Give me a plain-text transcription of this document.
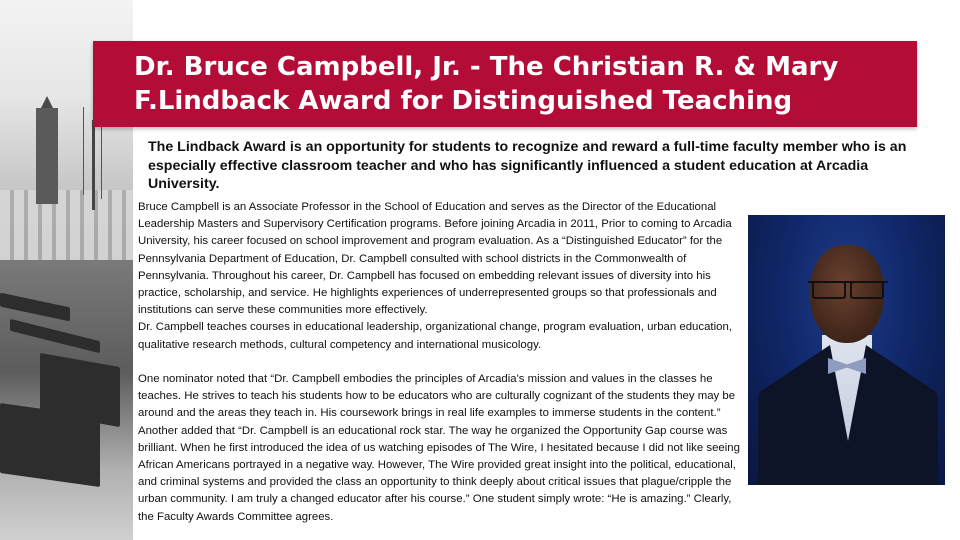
Dr. Bruce Campbell, Jr. - The Christian R. & Mary
F.Lindback Award for Distinguished Teaching

The Lindback Award is an opportunity for students to recognize and reward a full-time faculty member who is an especially effective classroom teacher and who has significantly influenced a student education at Arcadia University.

Bruce Campbell is an Associate Professor in the School of Education and serves as the Director of the Educational Leadership Masters and Supervisory Certification programs. Before joining Arcadia in 2011, Prior to coming to Arcadia University, his career focused on school improvement and program evaluation. As a “Distinguished Educator” for the Pennsylvania Department of Education, Dr. Campbell consulted with school districts in the Commonwealth of Pennsylvania. Throughout his career, Dr. Campbell has focused on embedding relevant issues of diversity into his practice, scholarship, and service. He highlights experiences of underrepresented groups so that professionals and institutions can serve these communities more effectively.

Dr. Campbell teaches courses in educational leadership, organizational change, program evaluation, urban education, qualitative research methods, cultural competency and international musicology.

One nominator noted that “Dr. Campbell embodies the principles of Arcadia's mission and values in the classes he teaches. He strives to teach his students how to be educators who are culturally cognizant of the students they may be around and the areas they teach in. His coursework brings in real life examples to immerse students in the content.” Another added that “Dr. Campbell is an educational rock star. The way he organized the Opportunity Gap course was brilliant. When he first introduced the idea of us watching episodes of The Wire, I hesitated because I did not like seeing African Americans portrayed in a negative way. However, The Wire provided great insight into the political, educational, and criminal systems and provided the class an opportunity to think deeply about critical issues that plague/cripple the urban community. I am truly a changed educator after his course.” One student simply wrote: “He is amazing.” Clearly, the Faculty Awards Committee agrees.
